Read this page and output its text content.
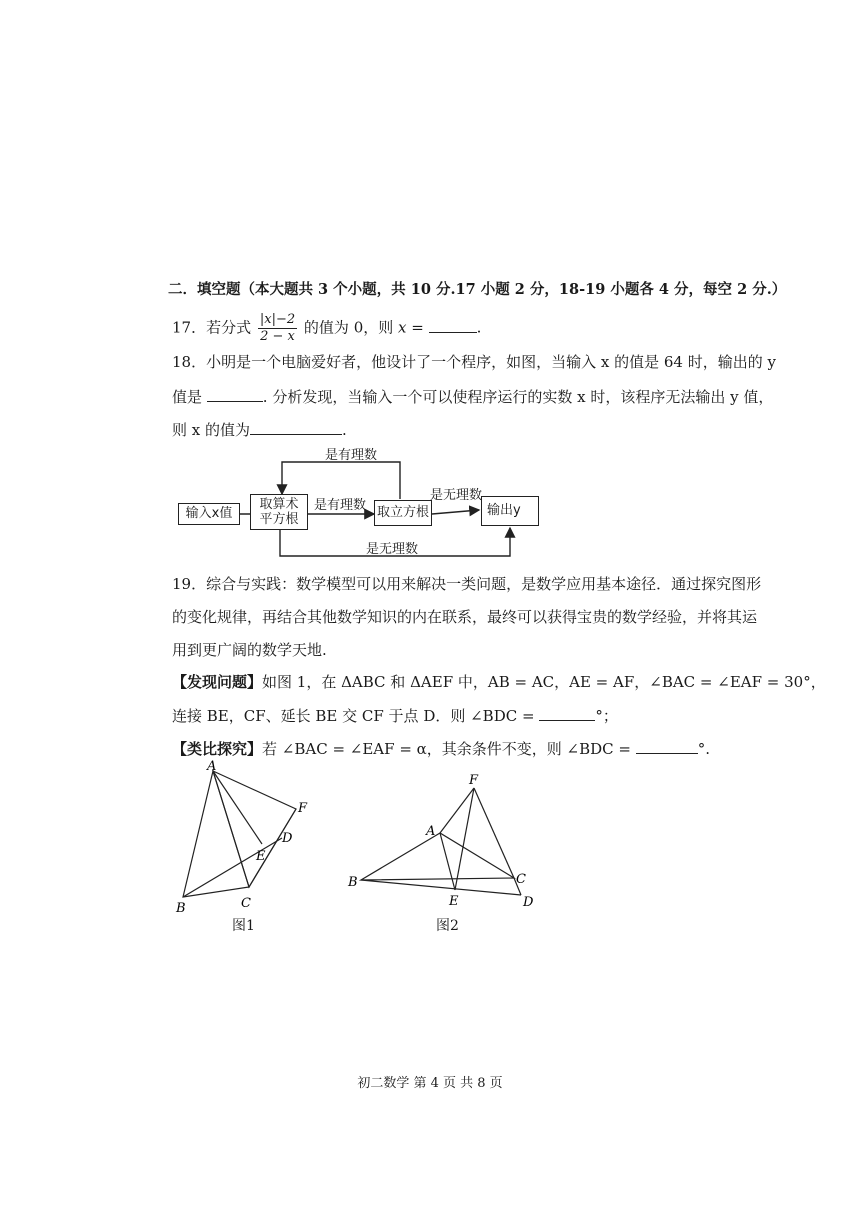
二．填空题（本大题共 3 个小题，共 10 分.17 小题 2 分，18-19 小题各 4 分，每空 2 分.）
17．若分式 $\frac{|x|-2}{2 - x}$ 的值为 0，则 x =	.
18．小明是一个电脑爱好者，他设计了一个程序，如图，当输入 x 的值是 64 时，输出的 y
值是	. 分析发现，当输入一个可以使程序运行的实数 x 时，该程序无法输出 y 值，
则 x 的值为	.
输入x值
取算术
平方根	取立方根	输出y
是有理数
是有理数
是无理数
是无理数
19．综合与实践：数学模型可以用来解决一类问题，是数学应用基本途径．通过探究图形
的变化规律，再结合其他数学知识的内在联系，最终可以获得宝贵的数学经验，并将其运
用到更广阔的数学天地.
【发现问题】如图 1，在 ΔABC 和 ΔAEF 中，AB = AC，AE = AF，∠BAC = ∠EAF = 30°，
连接 BE，CF、延长 BE 交 CF 于点 D．则 ∠BDC =	°；
【类比探究】若 ∠BAC = ∠EAF = α，其余条件不变，则 ∠BDC =	°.
A
B	C
D
E
F
图1
A
B	C
D
E
F
图2
初二数学 第 4 页 共 8 页
